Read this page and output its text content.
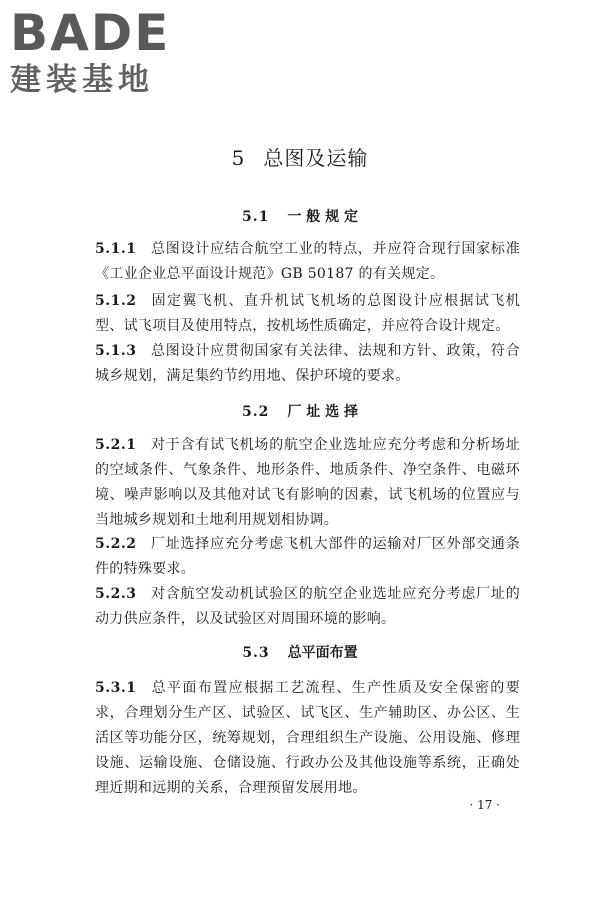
BADE
建装基地
5 总图及运输
5.1 一 般 规 定
5.1.1 总图设计应结合航空工业的特点，并应符合现行国家标准《工业企业总平面设计规范》GB 50187 的有关规定。
5.1.2 固定翼飞机、直升机试飞机场的总图设计应根据试飞机型、试飞项目及使用特点，按机场性质确定，并应符合设计规定。
5.1.3 总图设计应贯彻国家有关法律、法规和方针、政策，符合城乡规划，满足集约节约用地、保护环境的要求。
5.2 厂 址 选 择
5.2.1 对于含有试飞机场的航空企业选址应充分考虑和分析场址的空域条件、气象条件、地形条件、地质条件、净空条件、电磁环境、噪声影响以及其他对试飞有影响的因素，试飞机场的位置应与当地城乡规划和土地利用规划相协调。
5.2.2 厂址选择应充分考虑飞机大部件的运输对厂区外部交通条件的特殊要求。
5.2.3 对含航空发动机试验区的航空企业选址应充分考虑厂址的动力供应条件，以及试验区对周围环境的影响。
5.3 总平面布置
5.3.1 总平面布置应根据工艺流程、生产性质及安全保密的要求，合理划分生产区、试验区、试飞区、生产辅助区、办公区、生活区等功能分区，统筹规划，合理组织生产设施、公用设施、修理设施、运输设施、仓储设施、行政办公及其他设施等系统，正确处理近期和远期的关系，合理预留发展用地。
· 17 ·
